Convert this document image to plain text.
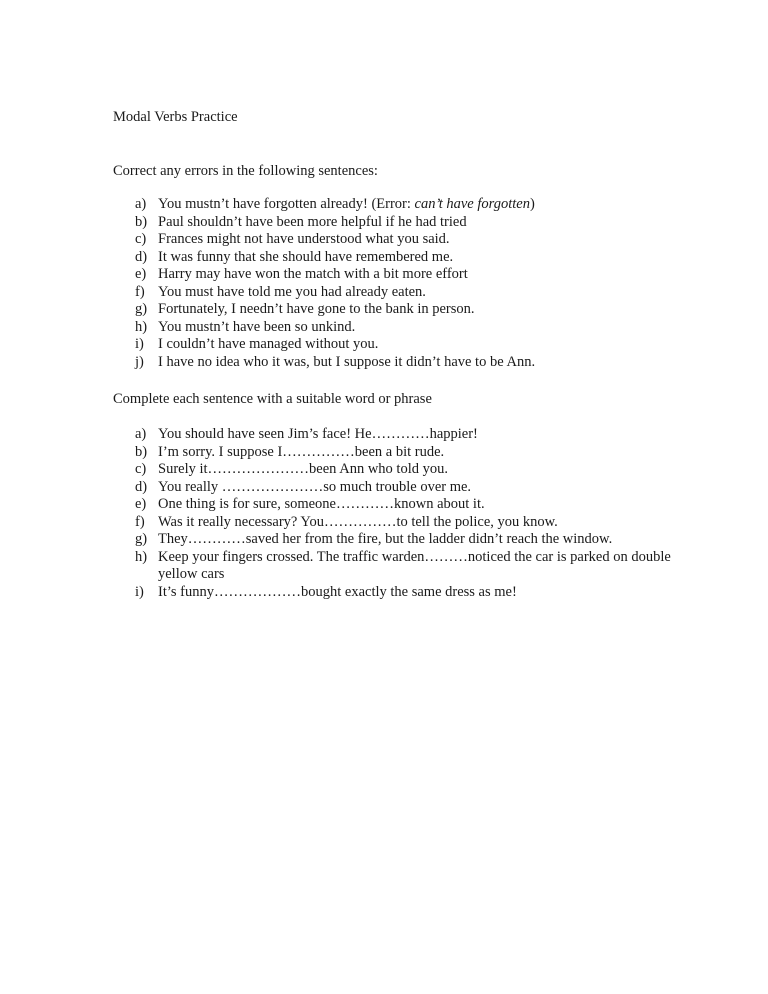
Modal Verbs Practice
Correct any errors in the following sentences:
a) You mustn’t have forgotten already! (Error: can’t have forgotten)
b) Paul shouldn’t have been more helpful if he had tried
c) Frances might not have understood what you said.
d) It was funny that she should have remembered me.
e) Harry may have won the match with a bit more effort
f) You must have told me you had already eaten.
g) Fortunately, I needn’t have gone to the bank in person.
h) You mustn’t have been so unkind.
i) I couldn’t have managed without you.
j) I have no idea who it was, but I suppose it didn’t have to be Ann.
Complete each sentence with a suitable word or phrase
a) You should have seen Jim’s face! He…………happier!
b) I’m sorry. I suppose I……………been a bit rude.
c) Surely it…………………been Ann who told you.
d) You really …………………so much trouble over me.
e) One thing is for sure, someone…………known about it.
f) Was it really necessary? You……………to tell the police, you know.
g) They…………saved her from the fire, but the ladder didn’t reach the window.
h) Keep your fingers crossed. The traffic warden………noticed the car is parked on double yellow cars
i) It’s funny………………bought exactly the same dress as me!
